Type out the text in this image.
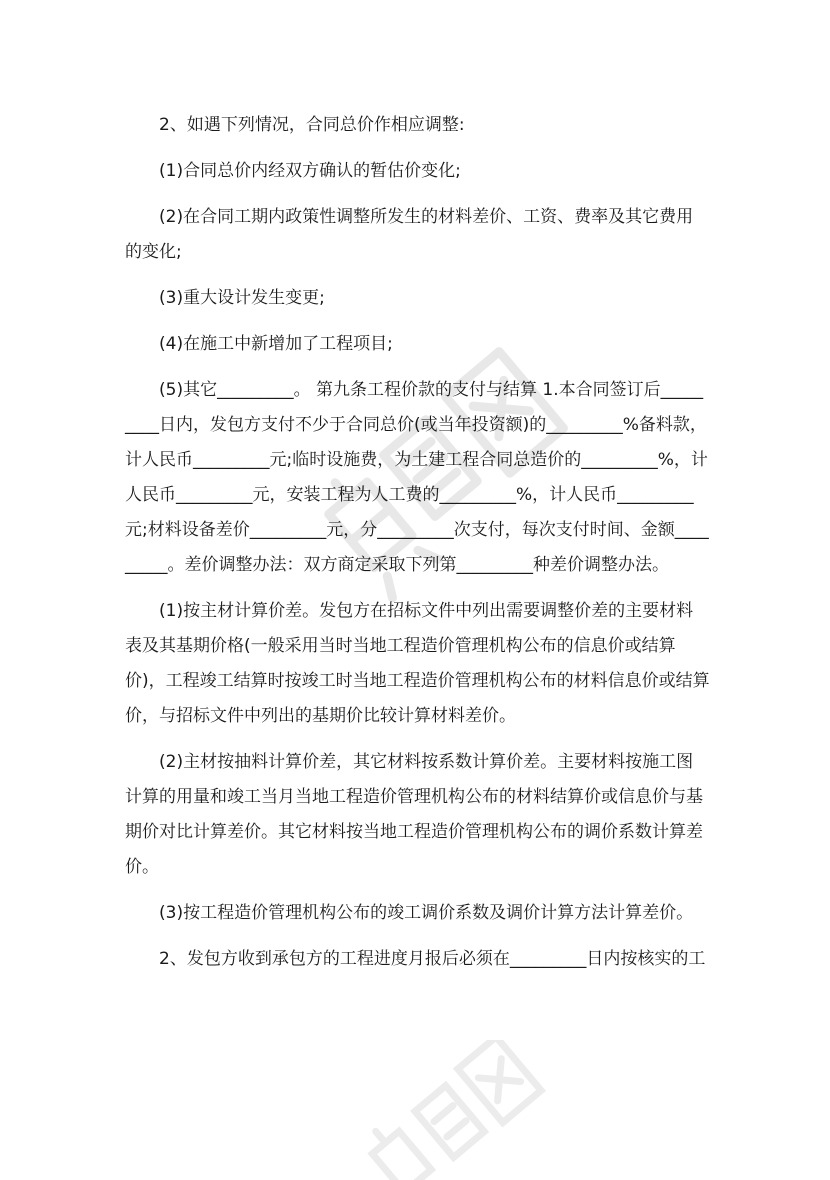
2、如遇下列情况，合同总价作相应调整:

(1)合同总价内经双方确认的暂估价变化;

(2)在合同工期内政策性调整所发生的材料差价、工资、费率及其它费用的变化;

(3)重大设计发生变更;

(4)在施工中新增加了工程项目;

(5)其它_________。 第九条工程价款的支付与结算 1.本合同签订后_________日内，发包方支付不少于合同总价(或当年投资额)的_________%备料款，计人民币_________元;临时设施费，为土建工程合同总造价的_________%，计人民币_________元，安装工程为人工费的_________%，计人民币_________元;材料设备差价_________元，分_________次支付，每次支付时间、金额_________。差价调整办法：双方商定采取下列第_________种差价调整办法。

(1)按主材计算价差。发包方在招标文件中列出需要调整价差的主要材料表及其基期价格(一般采用当时当地工程造价管理机构公布的信息价或结算价)，工程竣工结算时按竣工时当地工程造价管理机构公布的材料信息价或结算价，与招标文件中列出的基期价比较计算材料差价。

(2)主材按抽料计算价差，其它材料按系数计算价差。主要材料按施工图计算的用量和竣工当月当地工程造价管理机构公布的材料结算价或信息价与基期价对比计算差价。其它材料按当地工程造价管理机构公布的调价系数计算差价。

(3)按工程造价管理机构公布的竣工调价系数及调价计算方法计算差价。

2、发包方收到承包方的工程进度月报后必须在_________日内按核实的工
